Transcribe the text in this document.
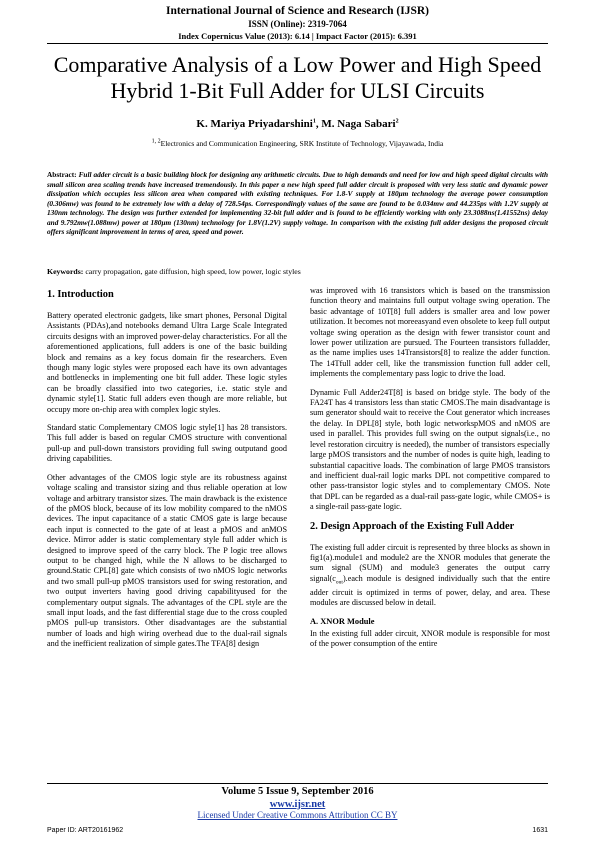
International Journal of Science and Research (IJSR)
ISSN (Online): 2319-7064
Index Copernicus Value (2013): 6.14 | Impact Factor (2015): 6.391
Comparative Analysis of a Low Power and High Speed Hybrid 1-Bit Full Adder for ULSI Circuits
K. Mariya Priyadarshini$^1$, M. Naga Sabari$^2$
$^{1, 2}$Electronics and Communication Engineering, SRK Institute of Technology, Vijayawada, India
Abstract: Full adder circuit is a basic building block for designing any arithmetic circuits. Due to high demands and need for low and high speed digital circuits with small silicon area scaling trends have increased tremendously. In this paper a new high speed full adder circuit is proposed with very less static and dynamic power dissipation which occupies less silicon area when compared with existing techniques. For 1.8-V supply at 180μm technology the average power consumption (0.306mw) was found to be extremely low with a delay of 728.54ps. Correspondingly values of the same are found to be 0.034mw and 44.235ps with 1.2V supply at 130nm technology. The design was further extended for implementing 32-bit full adder and is found to be efficiently working with only 23.3088ns(1.41552ns) delay and 9.792mw(1.088mw) power at 180μm (130nm) technology for 1.8V(1.2V) supply voltage. In comparison with the existing full adder designs the proposed circuit offers significant improvement in terms of area, speed and power.
Keywords: carry propagation, gate diffusion, high speed, low power, logic styles
1. Introduction

Battery operated electronic gadgets, like smart phones, Personal Digital Assistants (PDAs),and notebooks demand Ultra Large Scale Integrated circuits designs with an improved power-delay characteristics. For all the aforementioned applications, full adders is one of the basic building block and remains as a key focus domain fir the researchers. Even though many logic styles were proposed each have its own advantages and bottlenecks in implementing one bit full adder. These logic styles can be broadly classified into two categories, i.e. static style and dynamic style[1]. Static full adders even though are more reliable, but occupy more on-chip area with complex logic styles.

Standard static Complementary CMOS logic style[1] has 28 transistors. This full adder is based on regular CMOS structure with conventional pull-up and pull-down transistors providing full swing outputand good driving capabilities.

Other advantages of the CMOS logic style are its robustness against voltage scaling and transistor sizing and thus reliable operation at low voltage and arbitrary transistor sizes. The main drawback is the existence of the pMOS block, because of its low mobility compared to the nMOS devices. The input capacitance of a static CMOS gate is large because each input is connected to the gate of at least a pMOS and anMOS device. Mirror adder is static complementary style full adder which is designed to improve speed of the carry block. The P logic tree allows output to be changed high, while the N allows to be discharged to ground.Static CPL[8] gate which consists of two nMOS logic networks and two small pull-up pMOS transistors used for swing restoration, and two output inverters having good driving capabilityused for the complementary output signals. The advantages of the CPL style are the small input loads, and the fast differential stage due to the cross coupled pMOS pull-up transistors. Other disadvantages are the substantial number of loads and high wiring overhead due to the dual-rail signals and the inefficient realization of simple gates.The TFA[8] design

was improved with 16 transistors which is based on the transmission function theory and maintains full output voltage swing operation. The basic advantage of 10T[8] full adders is smaller area and low power utilization. It becomes not moreeasyand even obsolete to keep full output voltage swing operation as the design with fewer transistor count and lower power utilization are pursued. The Fourteen transistors fulladder, as the name implies uses 14Transistors[8] to realize the adder function. The 14Tfull adder cell, like the transmission function full adder cell, implements the complementary pass logic to drive the load.

Dynamic Full Adder24T[8] is based on bridge style. The body of the FA24T has 4 transistors less than static CMOS.The main disadvantage is sum generator should wait to receive the Cout generator which increases the delay. In DPL[8] style, both logic networkspMOS and nMOS are used in parallel. This provides full swing on the output signals(i.e., no level restoration circuitry is needed), the number of transistors especially large pMOS transistors and the number of nodes is quite high, leading to substantial capacitive loads. The combination of large PMOS transistors and inefficient dual-rail logic marks DPL not competitive compared to other pass-transistor logic styles and to complementary CMOS. Note that DPL can be regarded as a dual-rail pass-gate logic, while CMOS+ is a single-rail pass-gate logic.

2. Design Approach of the Existing Full Adder

The existing full adder circuit is represented by three blocks as shown in fig1(a).module1 and module2 are the XNOR modules that generate the sum signal (SUM) and module3 generates the output carry $signal(c_{out}).each$ module is designed individually such that the entire adder circuit is optimized in terms of power, delay, and area. These modules are discussed below in detail.

A. XNOR Module

In the existing full adder circuit, XNOR module is responsible for most of the power consumption of the entire

Volume 5 Issue 9, September 2016
www.ijsr.net
Licensed Under Creative Commons Attribution CC BY
Paper ID: ART20161962	1631
